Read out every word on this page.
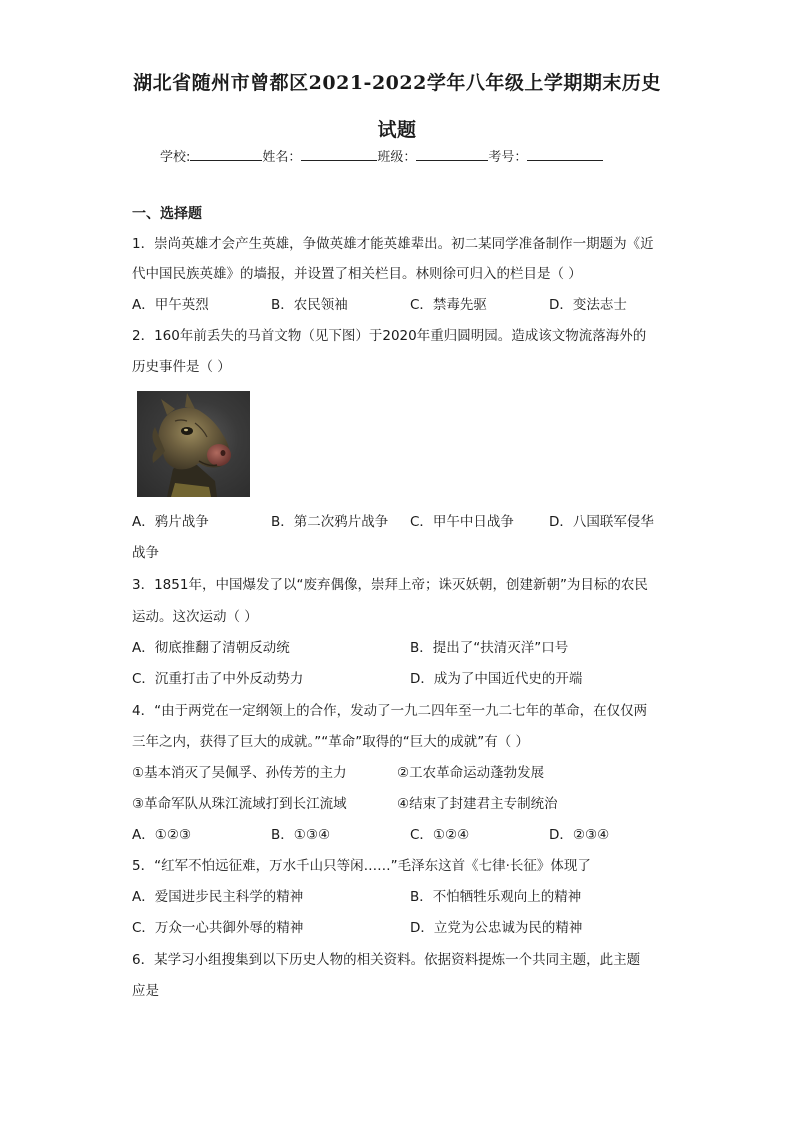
湖北省随州市曾都区2021-2022学年八年级上学期期末历史
试题
学校:	姓名：	班级：	考号：
一、选择题
1．崇尚英雄才会产生英雄，争做英雄才能英雄辈出。初二某同学准备制作一期题为《近
代中国民族英雄》的墙报，并设置了相关栏目。林则徐可归入的栏目是（ ）
A．甲午英烈	B．农民领袖	C．禁毒先驱	D．变法志士
2．160年前丢失的马首文物（见下图）于2020年重归圆明园。造成该文物流落海外的
历史事件是（ ）
A．鸦片战争	B．第二次鸦片战争 C．甲午中日战争	D．八国联军侵华
战争
3．1851年，中国爆发了以“废弃偶像，崇拜上帝；诛灭妖朝，创建新朝”为目标的农民
运动。这次运动（ ）
A．彻底推翻了清朝反动统	B．提出了“扶清灭洋”口号
C．沉重打击了中外反动势力	D．成为了中国近代史的开端
4．“由于两党在一定纲领上的合作，发动了一九二四年至一九二七年的革命，在仅仅两
三年之内，获得了巨大的成就。”“革命”取得的“巨大的成就”有（ ）
①基本消灭了吴佩孚、孙传芳的主力	②工农革命运动蓬勃发展
③革命军队从珠江流域打到长江流域	④结束了封建君主专制统治
A．①②③	B．①③④	C．①②④	D．②③④
5．“红军不怕远征难，万水千山只等闲……”毛泽东这首《七律·长征》体现了
A．爱国进步民主科学的精神	B．不怕牺牲乐观向上的精神
C．万众一心共御外辱的精神	D．立党为公忠诚为民的精神
6．某学习小组搜集到以下历史人物的相关资料。依据资料提炼一个共同主题，此主题
应是
